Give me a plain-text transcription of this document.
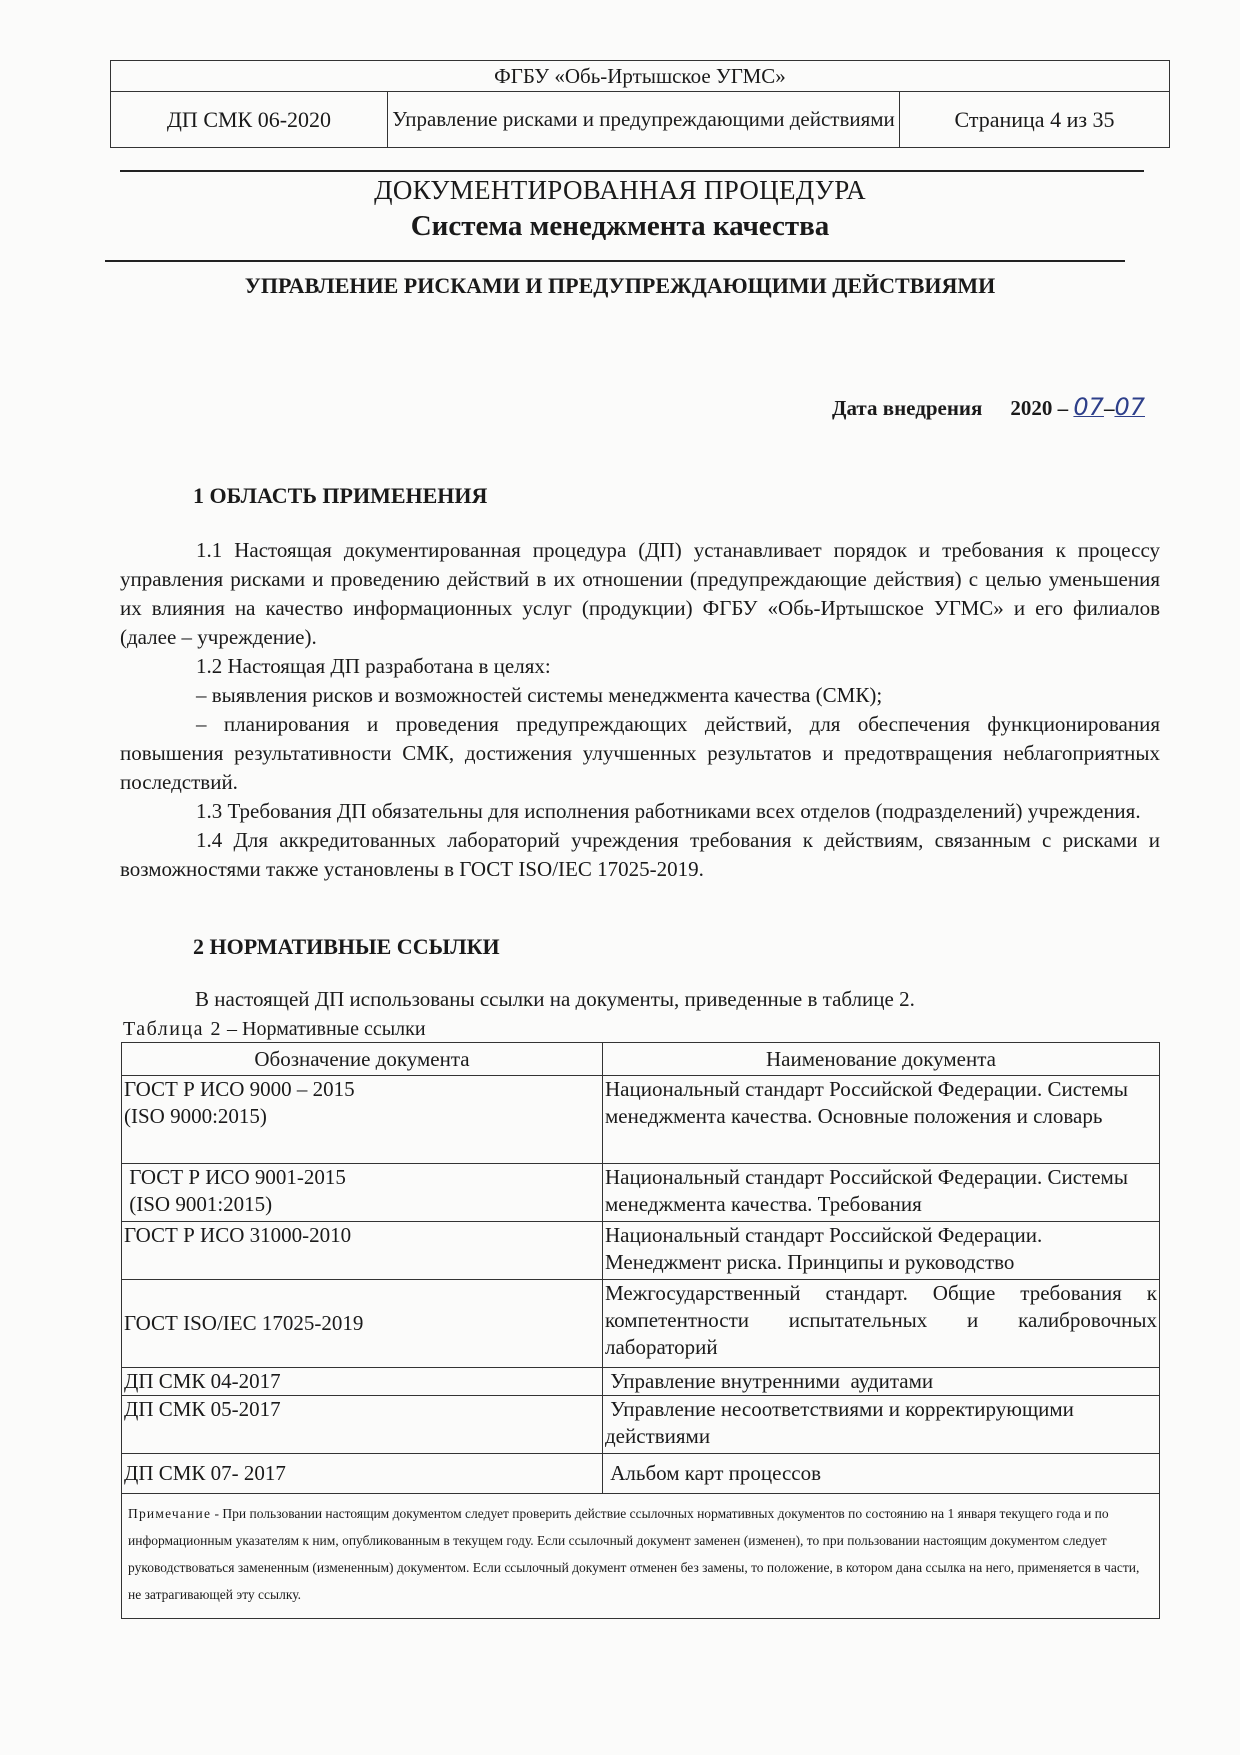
ФГБУ «Обь-Иртышское УГМС»
ДП СМК 06-2020	Управление рисками и предупреждающими действиями	Страница 4 из 35
ДОКУМЕНТИРОВАННАЯ ПРОЦЕДУРА
Система менеджмента качества
УПРАВЛЕНИЕ РИСКАМИ И ПРЕДУПРЕЖДАЮЩИМИ ДЕЙСТВИЯМИ
Дата внедрения 2020 – 07–07
1 ОБЛАСТЬ ПРИМЕНЕНИЯ

1.1 Настоящая документированная процедура (ДП) устанавливает порядок и требования к процессу управления рисками и проведению действий в их отношении (предупреждающие действия) с целью уменьшения их влияния на качество информационных услуг (продукции) ФГБУ «Обь-Иртышское УГМС» и его филиалов (далее – учреждение).

1.2 Настоящая ДП разработана в целях:

– выявления рисков и возможностей системы менеджмента качества (СМК);

– планирования и проведения предупреждающих действий, для обеспечения функционирования повышения результативности СМК, достижения улучшенных результатов и предотвращения неблагоприятных последствий.

1.3 Требования ДП обязательны для исполнения работниками всех отделов (подразделений) учреждения.

1.4 Для аккредитованных лабораторий учреждения требования к действиям, связанным с рисками и возможностями также установлены в ГОСТ ISO/IEC 17025-2019.

2 НОРМАТИВНЫЕ ССЫЛКИ
В настоящей ДП использованы ссылки на документы, приведенные в таблице 2.
Таблица 2 – Нормативные ссылки
Обозначение документа	Наименование документа

ГОСТ Р ИСО 9000 – 2015
(ISO 9000:2015)	Национальный стандарт Российской Федерации. Системы менеджмента качества. Основные положения и словарь

ГОСТ Р ИСО 9001-2015
(ISO 9001:2015)	Национальный стандарт Российской Федерации. Системы менеджмента качества. Требования
ГОСТ Р ИСО 31000-2010	Национальный стандарт Российской Федерации. Менеджмент риска. Принципы и руководство
ГОСТ ISO/IEC 17025-2019	Межгосударственный стандарт. Общие требования к компетентности испытательных и калибровочных лабораторий
ДП СМК 04-2017	Управление внутренними  аудитами
ДП СМК 05-2017	Управление несоответствиями и корректирующими действиями
ДП СМК 07- 2017	Альбом карт процессов
Примечание - При пользовании настоящим документом следует проверить действие ссылочных нормативных документов по состоянию на 1 января текущего года и по информационным указателям к ним, опубликованным в текущем году. Если ссылочный документ заменен (изменен), то при пользовании настоящим документом следует руководствоваться замененным (измененным) документом. Если ссылочный документ отменен без замены, то положение, в котором дана ссылка на него, применяется в части, не затрагивающей эту ссылку.	
